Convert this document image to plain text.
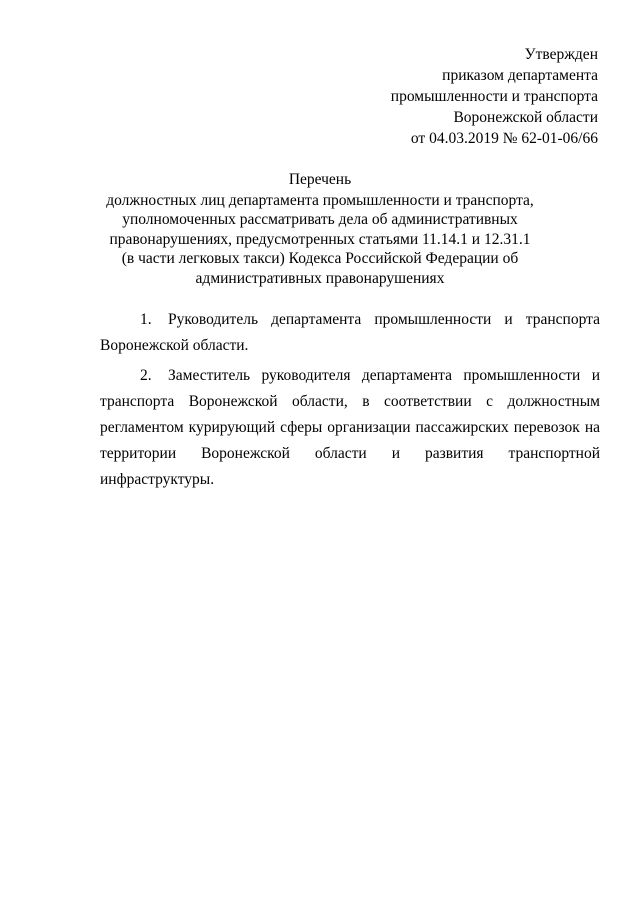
Утвержден
приказом департамента
промышленности и транспорта
Воронежской области
от 04.03.2019 № 62-01-06/66
Перечень
должностных лиц департамента промышленности и транспорта,
уполномоченных рассматривать дела об административных
правонарушениях, предусмотренных статьями 11.14.1 и 12.31.1
(в части легковых такси) Кодекса Российской Федерации об
административных правонарушениях

1. Руководитель департамента промышленности и транспорта Воронежской области.

2. Заместитель руководителя департамента промышленности и транспорта Воронежской области, в соответствии с должностным регламентом курирующий сферы организации пассажирских перевозок на территории Воронежской области и развития транспортной инфраструктуры.
